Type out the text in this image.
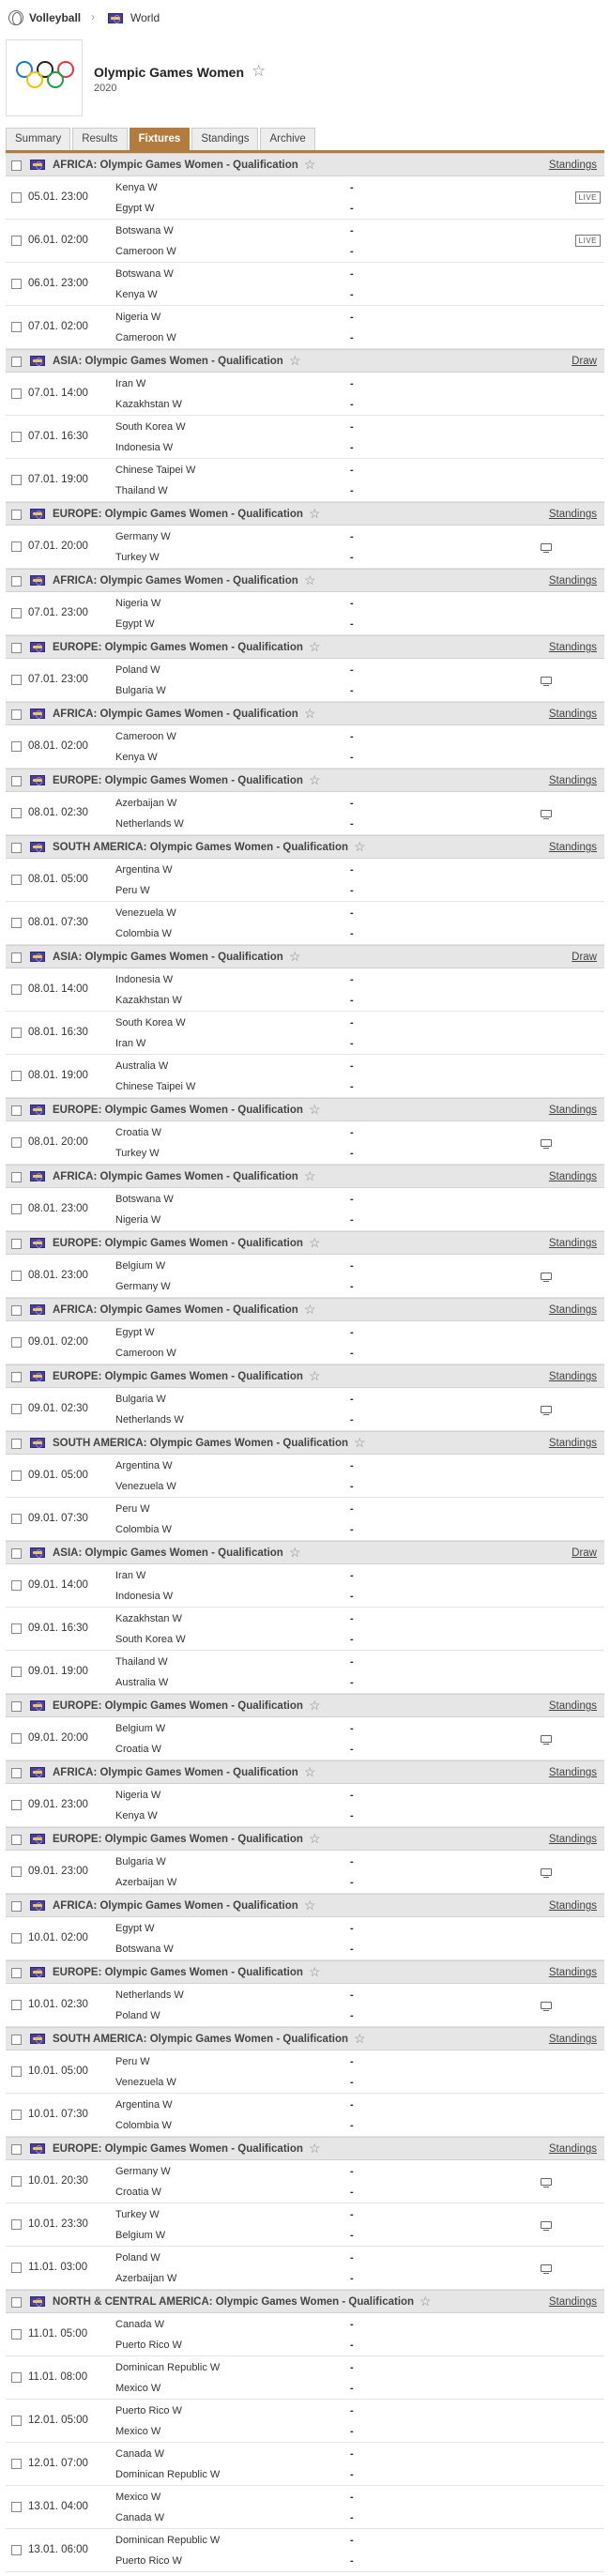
Volleyball ›	World
Olympic Games Women ☆
2020
Summary	Results	Fixtures	Standings	Archive
AFRICA: Olympic Games Women - Qualification ☆	Standings
05.01. 23:00
Kenya W
Egypt W
-
-
LIVE
06.01. 02:00
Botswana W
Cameroon W
-
-
LIVE
06.01. 23:00
Botswana W
Kenya W
-
-
07.01. 02:00
Nigeria W
Cameroon W
-
-
ASIA: Olympic Games Women - Qualification ☆	Draw
07.01. 14:00
Iran W
Kazakhstan W
-
-
07.01. 16:30
South Korea W
Indonesia W
-
-
07.01. 19:00
Chinese Taipei W
Thailand W
-
-
EUROPE: Olympic Games Women - Qualification ☆	Standings
07.01. 20:00
Germany W
Turkey W
-
-
AFRICA: Olympic Games Women - Qualification ☆	Standings
07.01. 23:00
Nigeria W
Egypt W
-
-
EUROPE: Olympic Games Women - Qualification ☆	Standings
07.01. 23:00
Poland W
Bulgaria W
-
-
AFRICA: Olympic Games Women - Qualification ☆	Standings
08.01. 02:00
Cameroon W
Kenya W
-
-
EUROPE: Olympic Games Women - Qualification ☆	Standings
08.01. 02:30
Azerbaijan W
Netherlands W
-
-
SOUTH AMERICA: Olympic Games Women - Qualification ☆	Standings
08.01. 05:00
Argentina W
Peru W
-
-
08.01. 07:30
Venezuela W
Colombia W
-
-
ASIA: Olympic Games Women - Qualification ☆	Draw
08.01. 14:00
Indonesia W
Kazakhstan W
-
-
08.01. 16:30
South Korea W
Iran W
-
-
08.01. 19:00
Australia W
Chinese Taipei W
-
-
EUROPE: Olympic Games Women - Qualification ☆	Standings
08.01. 20:00
Croatia W
Turkey W
-
-
AFRICA: Olympic Games Women - Qualification ☆	Standings
08.01. 23:00
Botswana W
Nigeria W
-
-
EUROPE: Olympic Games Women - Qualification ☆	Standings
08.01. 23:00
Belgium W
Germany W
-
-
AFRICA: Olympic Games Women - Qualification ☆	Standings
09.01. 02:00
Egypt W
Cameroon W
-
-
EUROPE: Olympic Games Women - Qualification ☆	Standings
09.01. 02:30
Bulgaria W
Netherlands W
-
-
SOUTH AMERICA: Olympic Games Women - Qualification ☆	Standings
09.01. 05:00
Argentina W
Venezuela W
-
-
09.01. 07:30
Peru W
Colombia W
-
-
ASIA: Olympic Games Women - Qualification ☆	Draw
09.01. 14:00
Iran W
Indonesia W
-
-
09.01. 16:30
Kazakhstan W
South Korea W
-
-
09.01. 19:00
Thailand W
Australia W
-
-
EUROPE: Olympic Games Women - Qualification ☆	Standings
09.01. 20:00
Belgium W
Croatia W
-
-
AFRICA: Olympic Games Women - Qualification ☆	Standings
09.01. 23:00
Nigeria W
Kenya W
-
-
EUROPE: Olympic Games Women - Qualification ☆	Standings
09.01. 23:00
Bulgaria W
Azerbaijan W
-
-
AFRICA: Olympic Games Women - Qualification ☆	Standings
10.01. 02:00
Egypt W
Botswana W
-
-
EUROPE: Olympic Games Women - Qualification ☆	Standings
10.01. 02:30
Netherlands W
Poland W
-
-
SOUTH AMERICA: Olympic Games Women - Qualification ☆	Standings
10.01. 05:00
Peru W
Venezuela W
-
-
10.01. 07:30
Argentina W
Colombia W
-
-
EUROPE: Olympic Games Women - Qualification ☆	Standings
10.01. 20:30
Germany W
Croatia W
-
-
10.01. 23:30
Turkey W
Belgium W
-
-
11.01. 03:00
Poland W
Azerbaijan W
-
-
NORTH & CENTRAL AMERICA: Olympic Games Women - Qualification ☆	Standings
11.01. 05:00
Canada W
Puerto Rico W
-
-
11.01. 08:00
Dominican Republic W
Mexico W
-
-
12.01. 05:00
Puerto Rico W
Mexico W
-
-
12.01. 07:00
Canada W
Dominican Republic W
-
-
13.01. 04:00
Mexico W
Canada W
-
-
13.01. 06:00
Dominican Republic W
Puerto Rico W
-
-
